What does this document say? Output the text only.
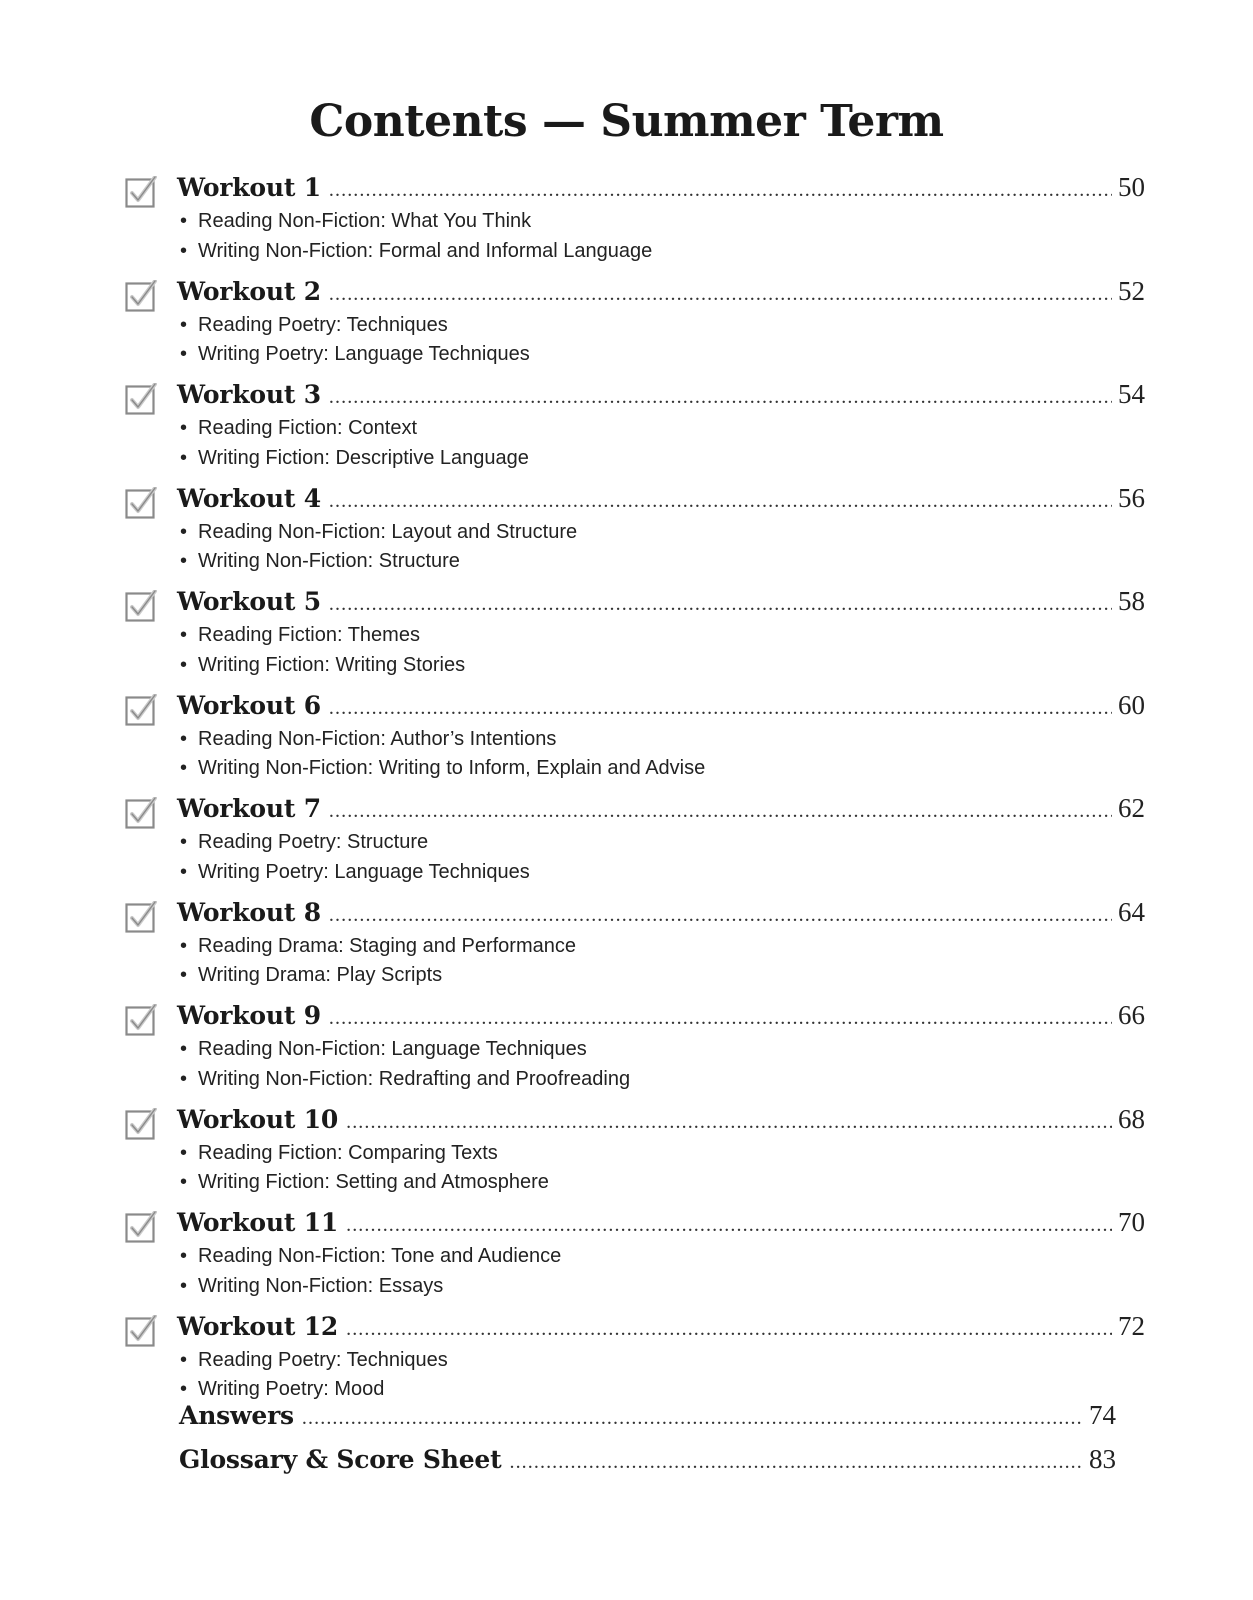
Contents — Summer Term
Workout 1 .....	50
• Reading Non-Fiction: What You Think
• Writing Non-Fiction: Formal and Informal Language
Workout 2 .....	52
• Reading Poetry: Techniques
• Writing Poetry: Language Techniques
Workout 3 .....	54
• Reading Fiction: Context
• Writing Fiction: Descriptive Language
Workout 4 .....	56
• Reading Non-Fiction: Layout and Structure
• Writing Non-Fiction: Structure
Workout 5 .....	58
• Reading Fiction: Themes
• Writing Fiction: Writing Stories
Workout 6 .....	60
• Reading Non-Fiction: Author’s Intentions
• Writing Non-Fiction: Writing to Inform, Explain and Advise
Workout 7 .....	62
• Reading Poetry: Structure
• Writing Poetry: Language Techniques
Workout 8 .....	64
• Reading Drama: Staging and Performance
• Writing Drama: Play Scripts
Workout 9 .....	66
• Reading Non-Fiction: Language Techniques
• Writing Non-Fiction: Redrafting and Proofreading
Workout 10 .....	68
• Reading Fiction: Comparing Texts
• Writing Fiction: Setting and Atmosphere
Workout 11 .....	70
• Reading Non-Fiction: Tone and Audience
• Writing Non-Fiction: Essays
Workout 12 .....	72
• Reading Poetry: Techniques
• Writing Poetry: Mood
Answers .....	74
Glossary & Score Sheet .....	83
